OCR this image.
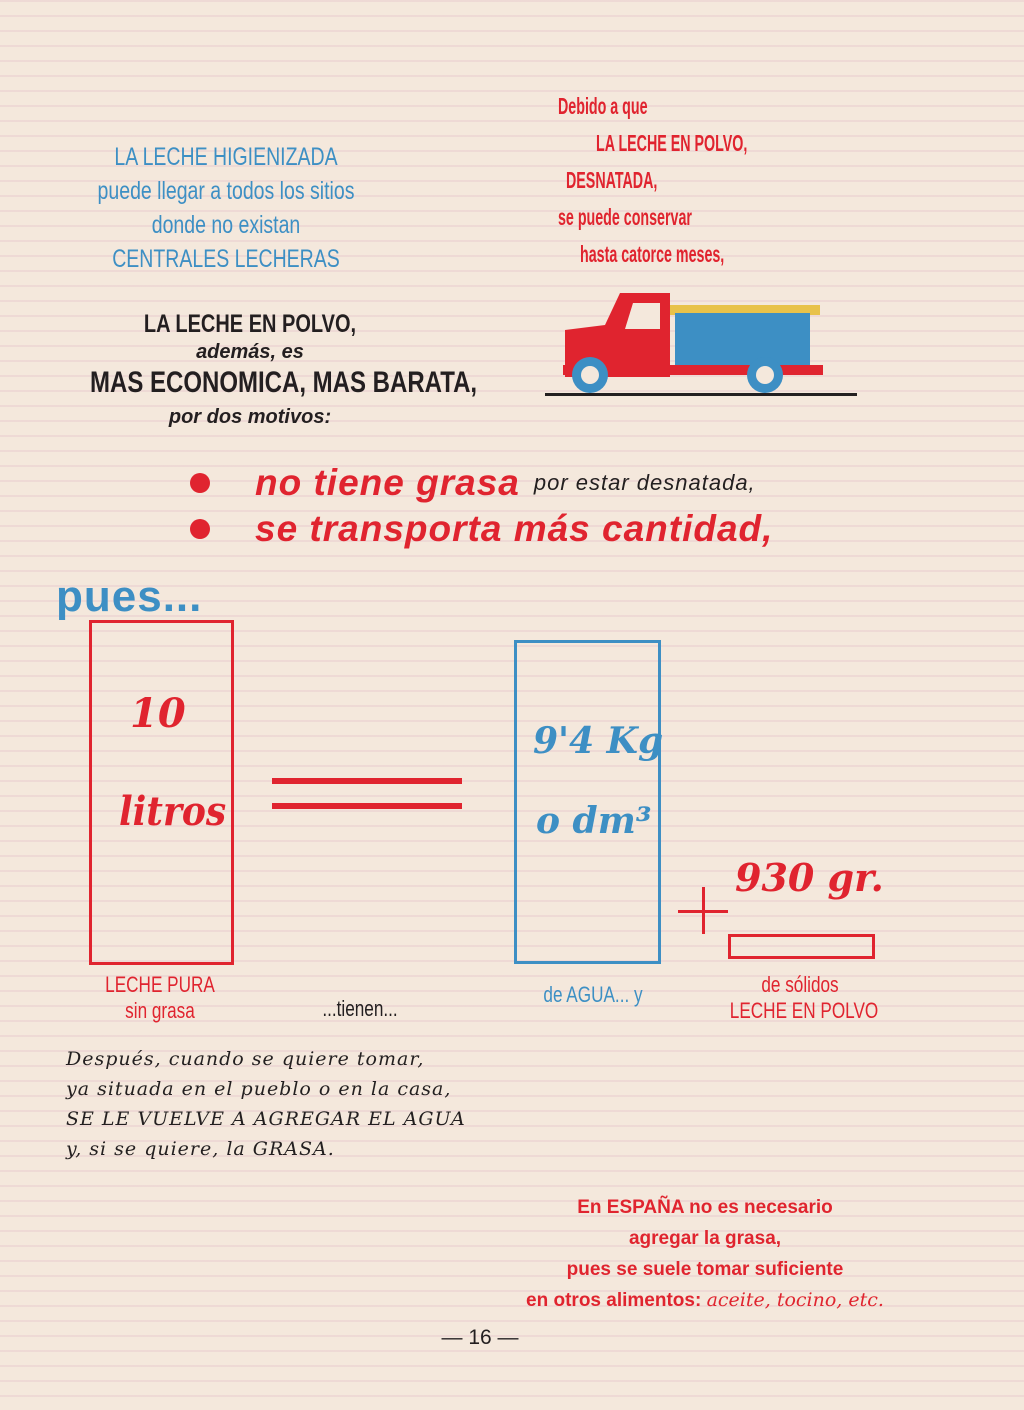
LA LECHE HIGIENIZADA
puede llegar a todos los sitios
donde no existan
CENTRALES LECHERAS
Debido a que
LA LECHE EN POLVO,
DESNATADA,
se puede conservar
hasta catorce meses,
LA LECHE EN POLVO,
además, es
MAS ECONOMICA, MAS BARATA,
por dos motivos:
no tiene grasa por estar desnatada,
se transporta más cantidad,
pues...
10
litros
9'4 Kg
o dm³
930 gr.
LECHE PURA
sin grasa	...tienen...
de AGUA... y	de sólidos
LECHE EN POLVO
Después, cuando se quiere tomar,
ya situada en el pueblo o en la casa,
SE LE VUELVE A AGREGAR EL AGUA
y, si se quiere, la GRASA.
En ESPAÑA no es necesario
agregar la grasa,
pues se suele tomar suficiente
en otros alimentos: aceite, tocino, etc.
— 16 —
